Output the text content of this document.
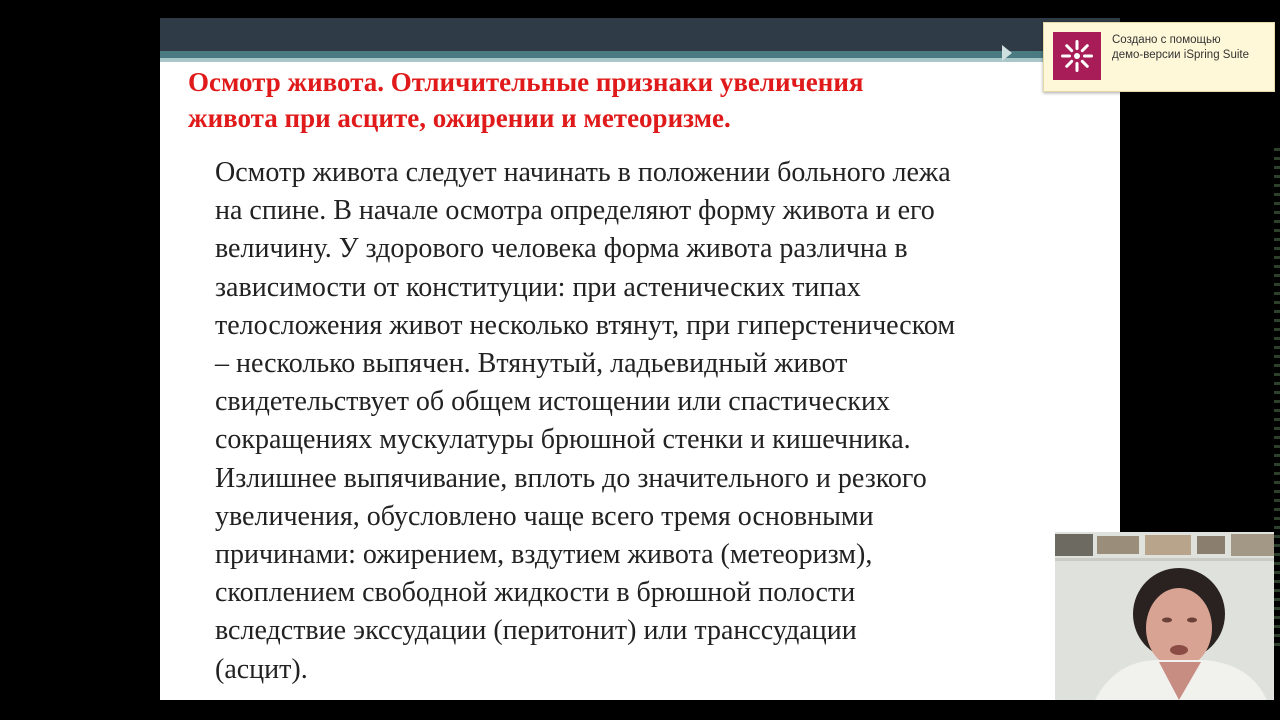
Осмотр живота. Отличительные признаки увеличения
живота при асците, ожирении и метеоризме.
Осмотр живота следует начинать в положении больного лежа
на спине. В начале осмотра определяют форму живота и его
величину. У здорового человека форма живота различна в
зависимости от конституции: при астенических типах
телосложения живот несколько втянут, при гиперстеническом
– несколько выпячен. Втянутый, ладьевидный живот
свидетельствует об общем истощении или спастических
сокращениях мускулатуры брюшной стенки и кишечника.
Излишнее выпячивание, вплоть до значительного и резкого
увеличения, обусловлено чаще всего тремя основными
причинами: ожирением, вздутием живота (метеоризм),
скоплением свободной жидкости в брюшной полости
вследствие экссудации (перитонит) или транссудации
(асцит).
Создано с помощью
демо-версии iSpring Suite
